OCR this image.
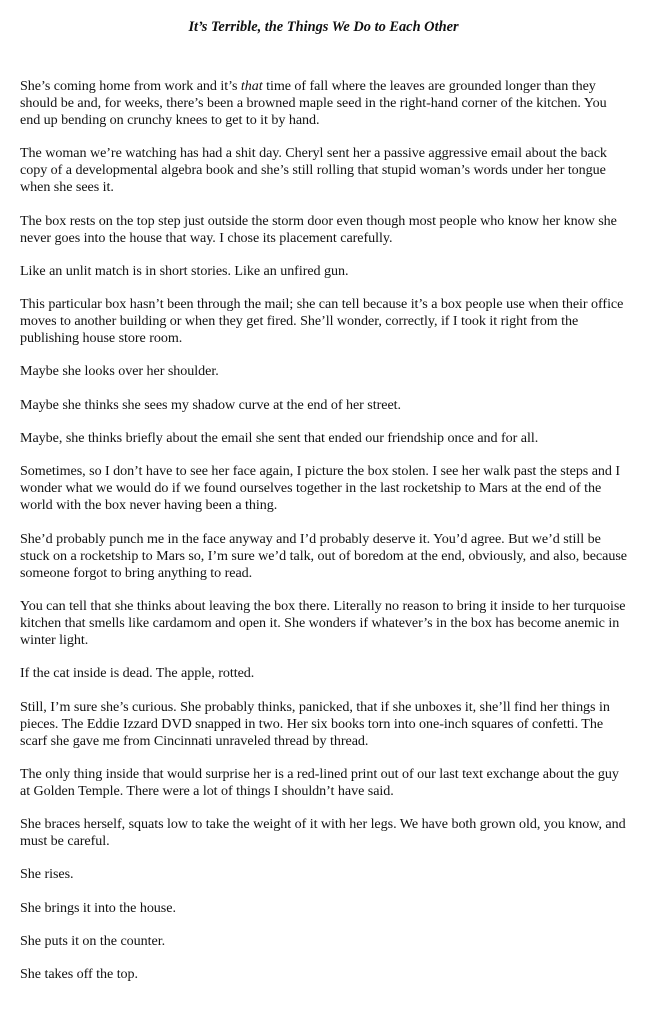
It’s Terrible, the Things We Do to Each Other

She’s coming home from work and it’s that time of fall where the leaves are grounded longer than they should be and, for weeks, there’s been a browned maple seed in the right-hand corner of the kitchen. You end up bending on crunchy knees to get to it by hand.

The woman we’re watching has had a shit day. Cheryl sent her a passive aggressive email about the back copy of a developmental algebra book and she’s still rolling that stupid woman’s words under her tongue when she sees it.

The box rests on the top step just outside the storm door even though most people who know her know she never goes into the house that way. I chose its placement carefully.

Like an unlit match is in short stories. Like an unfired gun.

This particular box hasn’t been through the mail; she can tell because it’s a box people use when their office moves to another building or when they get fired. She’ll wonder, correctly, if I took it right from the publishing house store room.

Maybe she looks over her shoulder.

Maybe she thinks she sees my shadow curve at the end of her street.

Maybe, she thinks briefly about the email she sent that ended our friendship once and for all.

Sometimes, so I don’t have to see her face again, I picture the box stolen. I see her walk past the steps and I wonder what we would do if we found ourselves together in the last rocketship to Mars at the end of the world with the box never having been a thing.

She’d probably punch me in the face anyway and I’d probably deserve it. You’d agree. But we’d still be stuck on a rocketship to Mars so, I’m sure we’d talk, out of boredom at the end, obviously, and also, because someone forgot to bring anything to read.

You can tell that she thinks about leaving the box there. Literally no reason to bring it inside to her turquoise kitchen that smells like cardamom and open it. She wonders if whatever’s in the box has become anemic in winter light.

If the cat inside is dead. The apple, rotted.

Still, I’m sure she’s curious. She probably thinks, panicked, that if she unboxes it, she’ll find her things in pieces. The Eddie Izzard DVD snapped in two. Her six books torn into one-inch squares of confetti. The scarf she gave me from Cincinnati unraveled thread by thread.

The only thing inside that would surprise her is a red-lined print out of our last text exchange about the guy at Golden Temple. There were a lot of things I shouldn’t have said.

She braces herself, squats low to take the weight of it with her legs. We have both grown old, you know, and must be careful.

She rises.

She brings it into the house.

She puts it on the counter.

She takes off the top.
